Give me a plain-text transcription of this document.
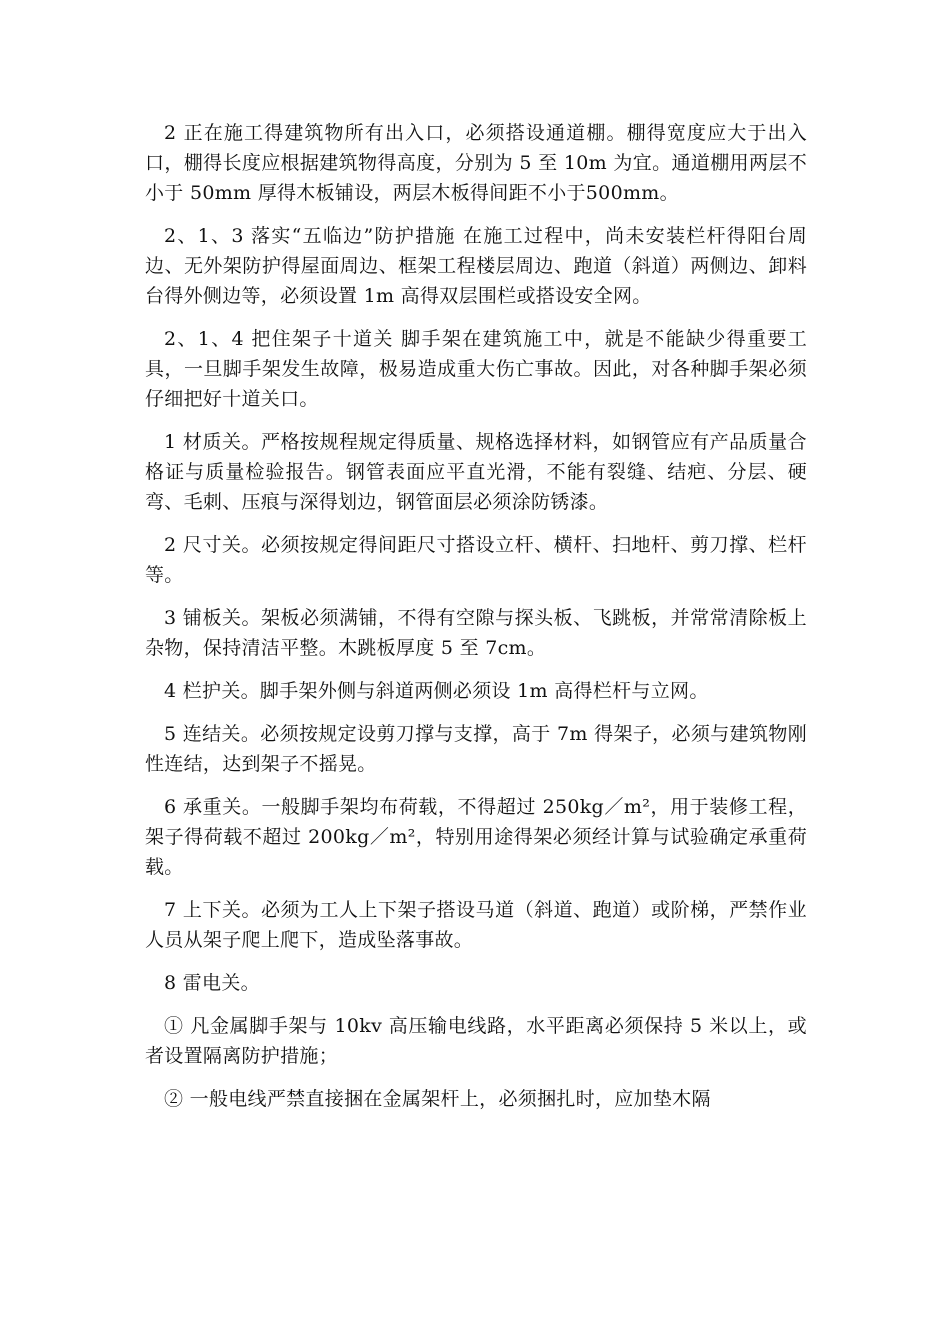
2 正在施工得建筑物所有出入口，必须搭设通道棚。棚得宽度应大于出入口，棚得长度应根据建筑物得高度，分别为 5 至 10m 为宜。通道棚用两层不小于 50mm 厚得木板铺设，两层木板得间距不小于500mm。

2、1、3 落实“五临边”防护措施 在施工过程中，尚未安装栏杆得阳台周边、无外架防护得屋面周边、框架工程楼层周边、跑道（斜道）两侧边、卸料台得外侧边等，必须设置 1m 高得双层围栏或搭设安全网。

2、1、4 把住架子十道关 脚手架在建筑施工中，就是不能缺少得重要工具，一旦脚手架发生故障，极易造成重大伤亡事故。因此，对各种脚手架必须仔细把好十道关口。

1 材质关。严格按规程规定得质量、规格选择材料，如钢管应有产品质量合格证与质量检验报告。钢管表面应平直光滑，不能有裂缝、结疤、分层、硬弯、毛刺、压痕与深得划边，钢管面层必须涂防锈漆。

2 尺寸关。必须按规定得间距尺寸搭设立杆、横杆、扫地杆、剪刀撑、栏杆等。

3 铺板关。架板必须满铺，不得有空隙与探头板、飞跳板，并常常清除板上杂物，保持清洁平整。木跳板厚度 5 至 7cm。

4 栏护关。脚手架外侧与斜道两侧必须设 1m 高得栏杆与立网。

5 连结关。必须按规定设剪刀撑与支撑，高于 7m 得架子，必须与建筑物刚性连结，达到架子不摇晃。

6 承重关。一般脚手架均布荷载，不得超过 250kg／m²，用于装修工程，架子得荷载不超过 200kg／m²，特别用途得架必须经计算与试验确定承重荷载。

7 上下关。必须为工人上下架子搭设马道（斜道、跑道）或阶梯，严禁作业人员从架子爬上爬下，造成坠落事故。

8 雷电关。

① 凡金属脚手架与 10kv 高压输电线路，水平距离必须保持 5 米以上，或者设置隔离防护措施；

② 一般电线严禁直接捆在金属架杆上，必须捆扎时，应加垫木隔
